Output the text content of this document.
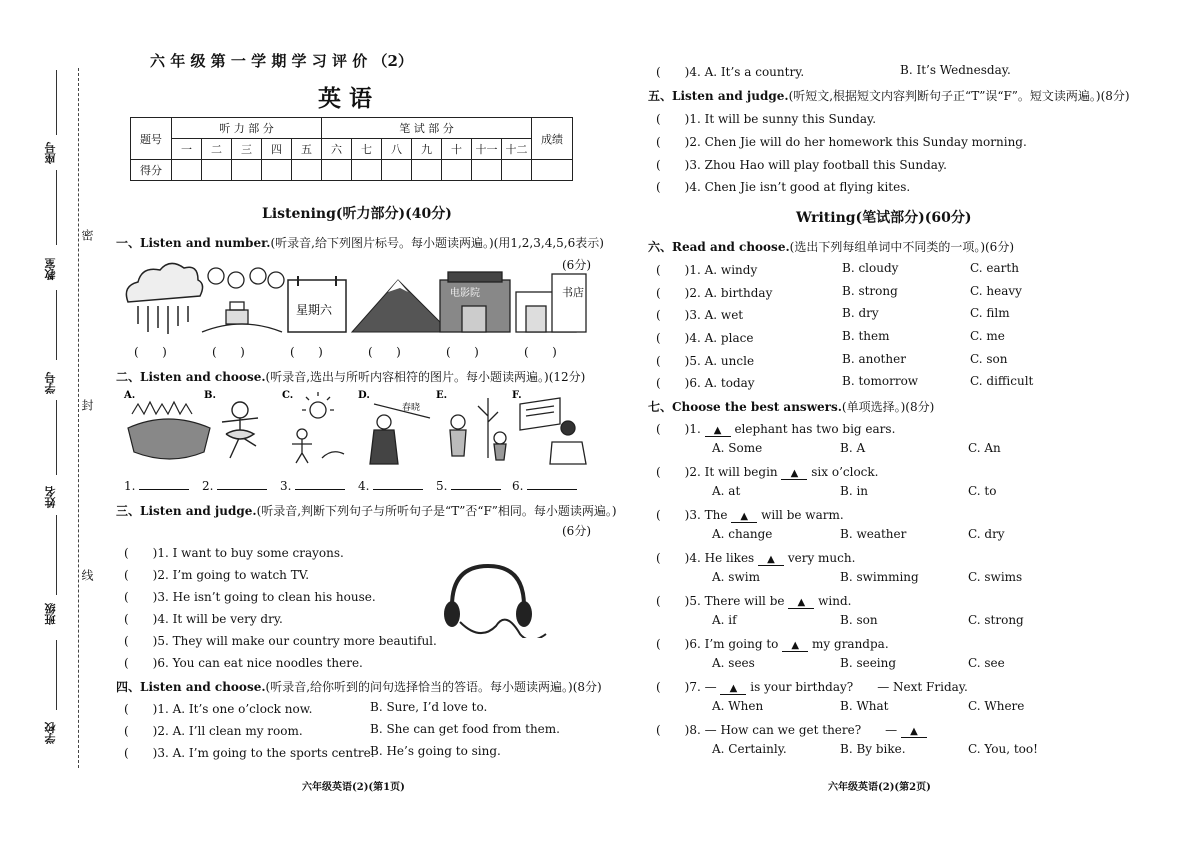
座号
教室
学号
姓名
班级
学校
密
封
线
六 年 级 第 一 学 期 学 习 评 价 （2）
英 语
题号	听 力 部 分					笔 试 部 分							成绩
	一	二	三	四	五	六	七	八	九	十	十一	十二	
得分													
Listening(听力部分)(40分)
一、Listen and number.(听录音,给下列图片标号。每小题读两遍。)(用1,2,3,4,5,6表示)
(6分)
星期六
电影院	书店
(　　)	(　　)	(　　)	(　　)	(　　)	(　　)
二、Listen and choose.(听录音,选出与所听内容相符的图片。每小题读两遍。)(12分)
A.	B.	C.	D.	E.	F.
春晓
1.	2.	3.	4.	5.	6.
三、Listen and judge.(听录音,判断下列句子与所听句子是“T”否“F”相同。每小题读两遍。)
(6分)
(　　)1. I want to buy some crayons.
(　　)2. I’m going to watch TV.
(　　)3. He isn’t going to clean his house.
(　　)4. It will be very dry.
(　　)5. They will make our country more beautiful.
(　　)6. You can eat nice noodles there.
四、Listen and choose.(听录音,给你听到的问句选择恰当的答语。每小题读两遍。)(8分)
(　　)1. A. It’s one o’clock now.	B. Sure, I’d love to.
(　　)2. A. I’ll clean my room.	B. She can get food from them.
(　　)3. A. I’m going to the sports centre.
B. He’s going to sing.
六年级英语(2)(第1页)
(　　)4. A. It’s a country.	B. It’s Wednesday.
五、Listen and judge.(听短文,根据短文内容判断句子正“T”误“F”。短文读两遍。)(8分)
(　　)1. It will be sunny this Sunday.
(　　)2. Chen Jie will do her homework this Sunday morning.
(　　)3. Zhou Hao will play football this Sunday.
(　　)4. Chen Jie isn’t good at flying kites.
Writing(笔试部分)(60分)
六、Read and choose.(选出下列每组单词中不同类的一项。)(6分)
(　　)1. A. windy	B. cloudy	C. earth
(　　)2. A. birthday	B. strong	C. heavy
(　　)3. A. wet	B. dry	C. film
(　　)4. A. place	B. them	C. me
(　　)5. A. uncle	B. another	C. son
(　　)6. A. today	B. tomorrow	C. difficult
七、Choose the best answers.(单项选择。)(8分)
(　　)1. ▲ elephant has two big ears.
A. Some	B. A	C. An
(　　)2. It will begin ▲ six o’clock.
A. at	B. in	C. to
(　　)3. The ▲ will be warm.
A. change	B. weather	C. dry
(　　)4. He likes ▲ very much.
A. swim	B. swimming	C. swims
(　　)5. There will be ▲ wind.
A. if	B. son	C. strong
(　　)6. I’m going to ▲ my grandpa.
A. sees	B. seeing	C. see
(　　)7. — ▲ is your birthday?　　— Next Friday.
A. When	B. What	C. Where
(　　)8. — How can we get there?　　— ▲
A. Certainly.	B. By bike.	C. You, too!
六年级英语(2)(第2页)
